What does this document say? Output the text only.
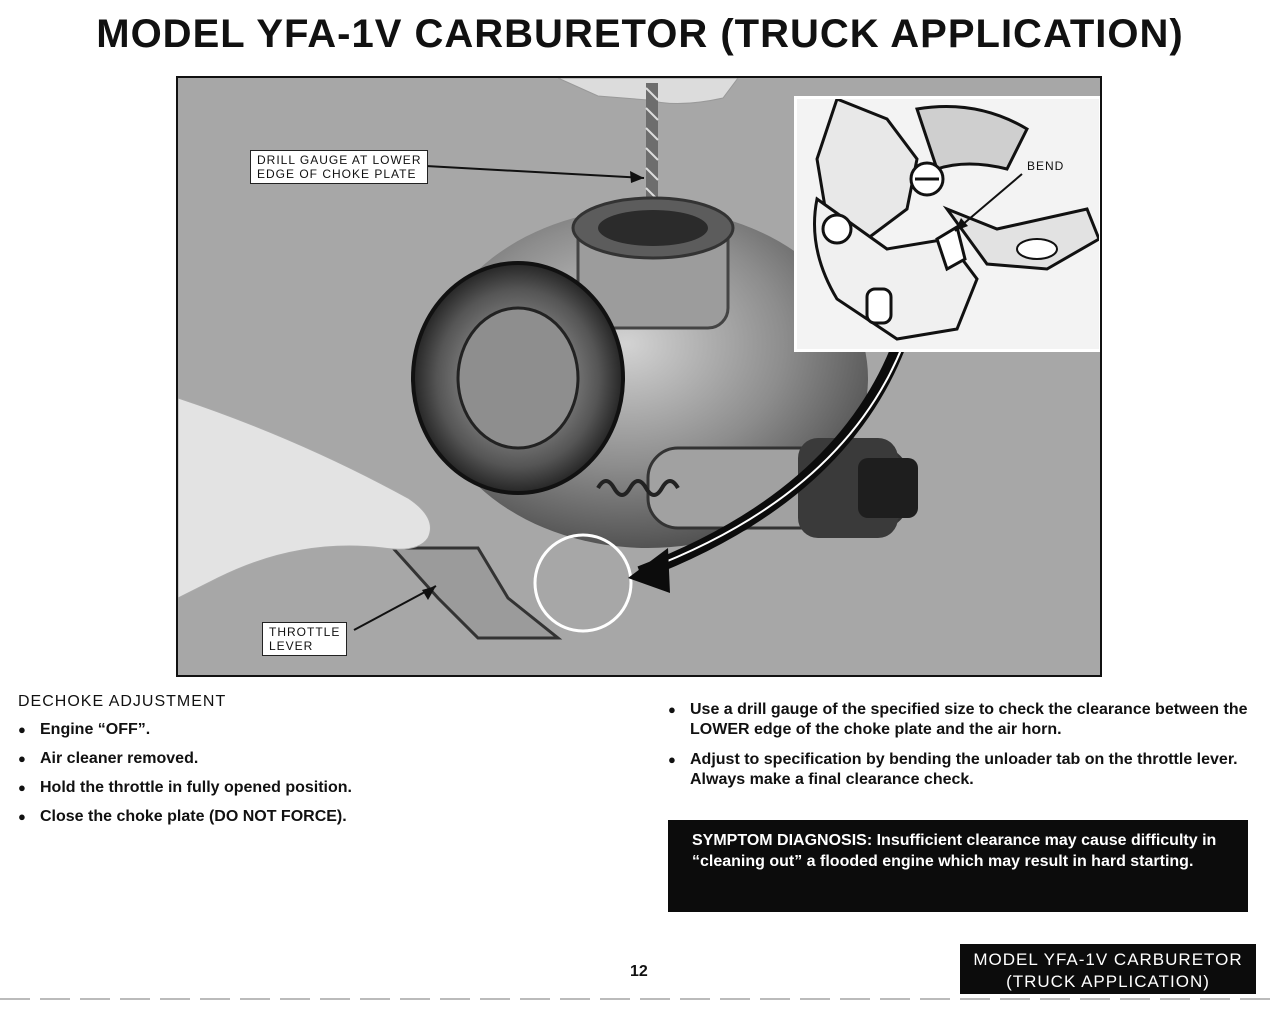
MODEL YFA-1V CARBURETOR (TRUCK APPLICATION)
DRILL GAUGE AT LOWER
EDGE OF CHOKE PLATE
THROTTLE
LEVER
BEND
DECHOKE ADJUSTMENT
● Engine “OFF”.
● Air cleaner removed.
● Hold the throttle in fully opened position.
● Close the choke plate (DO NOT FORCE).
● Use a drill gauge of the specified size to check the clearance between the LOWER edge of the choke plate and the air horn.
● Adjust to specification by bending the unloader tab on the throttle lever. Always make a final clearance check.
SYMPTOM DIAGNOSIS: Insufficient clearance may cause difficulty in “cleaning out” a flooded engine which may result in hard starting.
12
MODEL YFA-1V CARBURETOR
(TRUCK APPLICATION)
